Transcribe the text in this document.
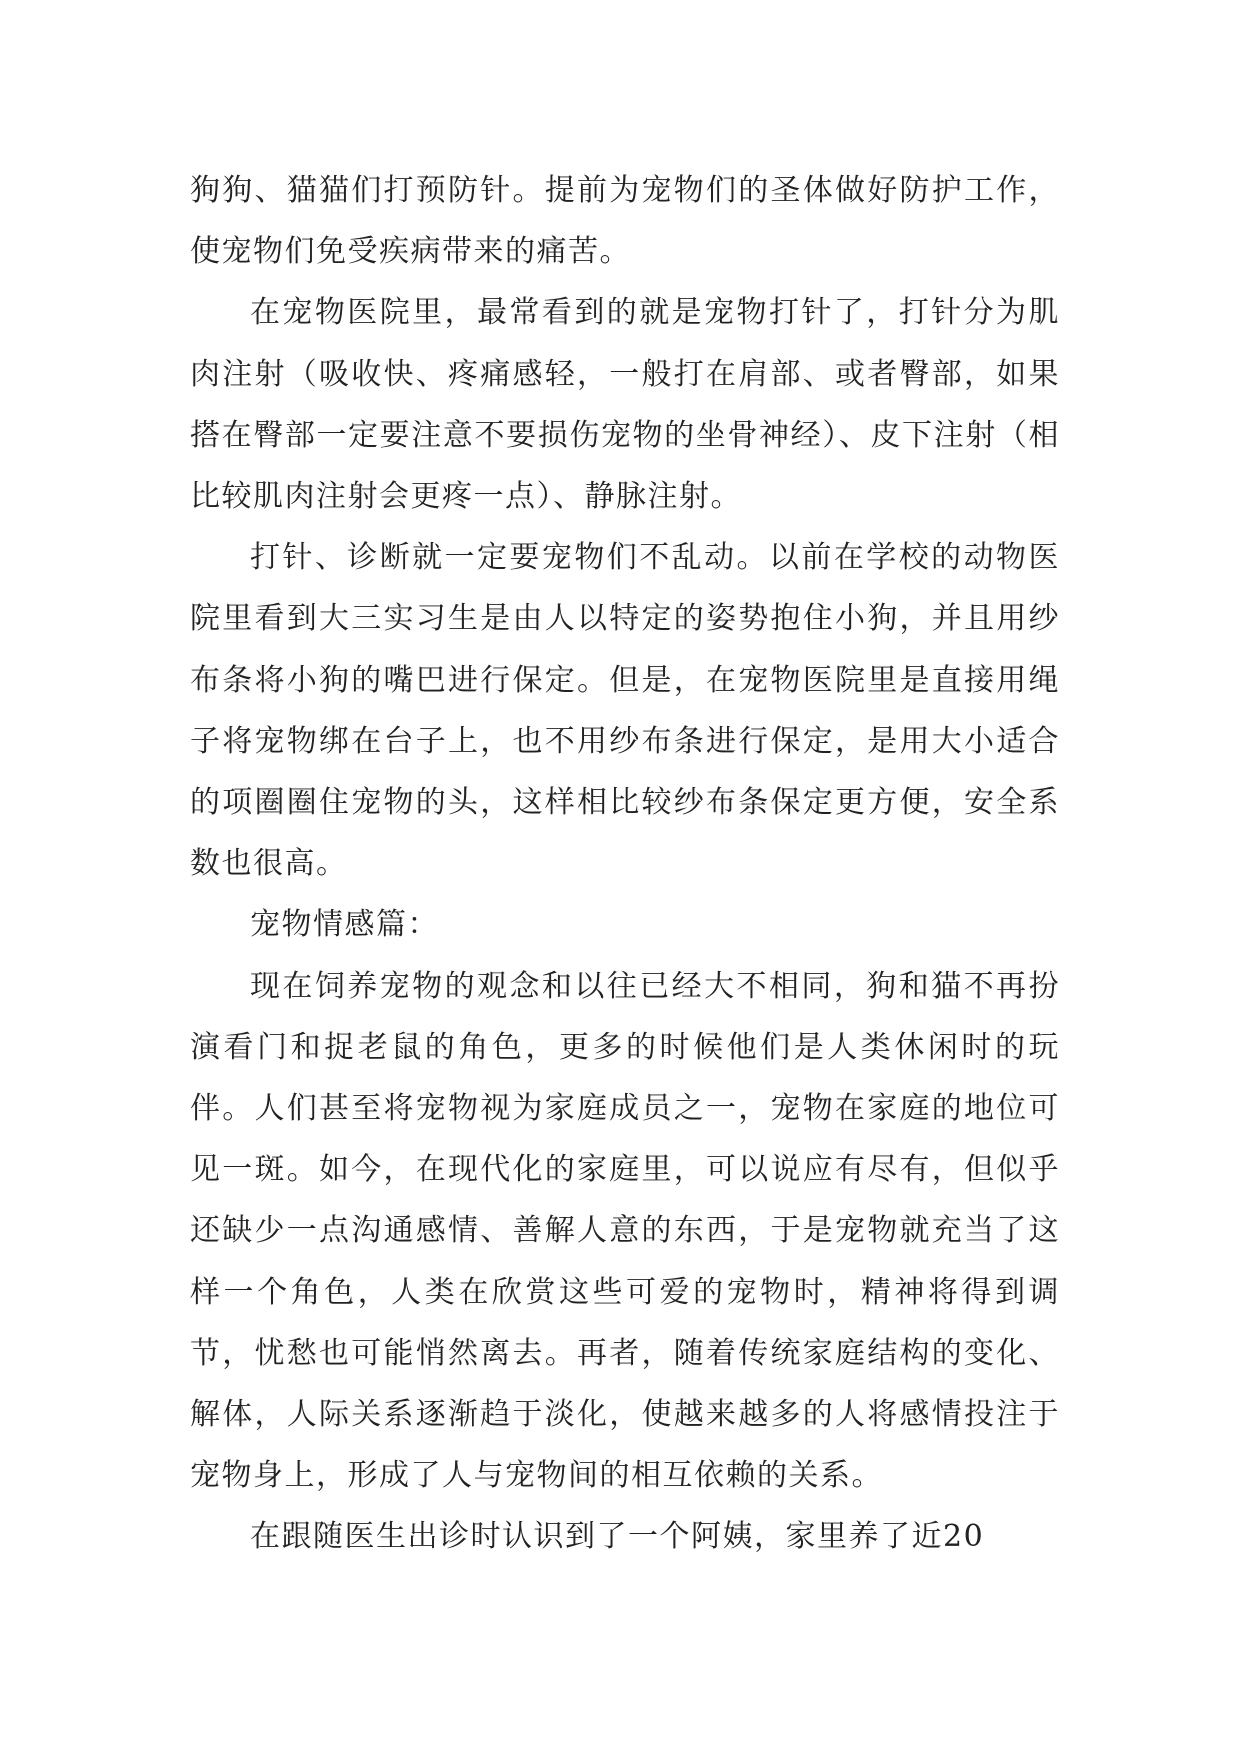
狗狗、猫猫们打预防针。提前为宠物们的圣体做好防护工作，使宠物们免受疾病带来的痛苦。

在宠物医院里，最常看到的就是宠物打针了，打针分为肌肉注射（吸收快、疼痛感轻，一般打在肩部、或者臀部，如果搭在臀部一定要注意不要损伤宠物的坐骨神经）、皮下注射（相比较肌肉注射会更疼一点）、静脉注射。

打针、诊断就一定要宠物们不乱动。以前在学校的动物医院里看到大三实习生是由人以特定的姿势抱住小狗，并且用纱布条将小狗的嘴巴进行保定。但是，在宠物医院里是直接用绳子将宠物绑在台子上，也不用纱布条进行保定，是用大小适合的项圈圈住宠物的头，这样相比较纱布条保定更方便，安全系数也很高。

宠物情感篇：

现在饲养宠物的观念和以往已经大不相同，狗和猫不再扮演看门和捉老鼠的角色，更多的时候他们是人类休闲时的玩伴。人们甚至将宠物视为家庭成员之一，宠物在家庭的地位可见一斑。如今，在现代化的家庭里，可以说应有尽有，但似乎还缺少一点沟通感情、善解人意的东西，于是宠物就充当了这样一个角色，人类在欣赏这些可爱的宠物时，精神将得到调节，忧愁也可能悄然离去。再者，随着传统家庭结构的变化、解体，人际关系逐渐趋于淡化，使越来越多的人将感情投注于宠物身上，形成了人与宠物间的相互依赖的关系。

在跟随医生出诊时认识到了一个阿姨，家里养了近20
